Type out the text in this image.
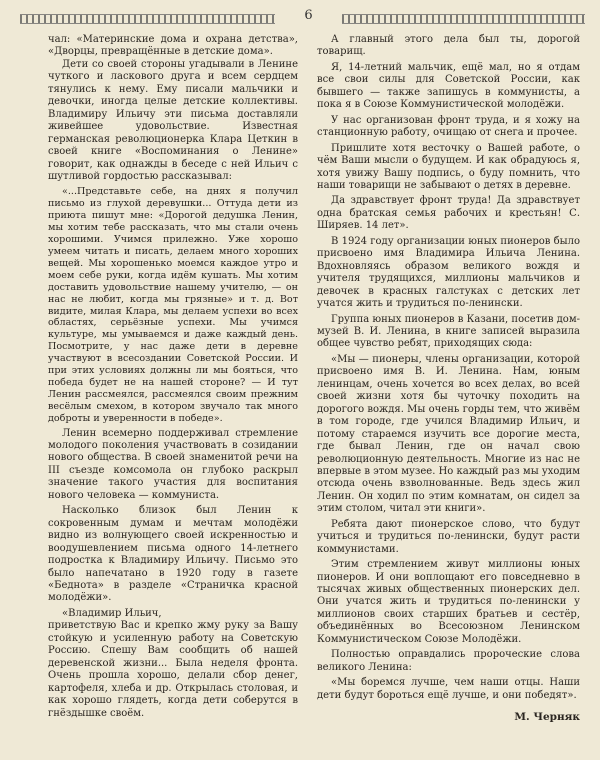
6

чал: «Материнские дома и охрана детства», «Дворцы, превращённые в детские дома».

Дети со своей стороны угадывали в Ленине чуткого и ласкового друга и всем сердцем тянулись к нему. Ему писали мальчики и девочки, иногда целые детские коллективы. Владимиру Ильичу эти письма доставляли живейшее удовольствие. Известная германская революционерка Клара Цеткин в своей книге «Воспоминания о Ленине» говорит, как однажды в беседе с ней Ильич с шутливой гордостью рассказывал:

«...Представьте себе, на днях я получил письмо из глухой деревушки... Оттуда дети из приюта пишут мне: «Дорогой дедушка Ленин, мы хотим тебе рассказать, что мы стали очень хорошими. Учимся прилежно. Уже хорошо умеем читать и писать, делаем много хороших вещей. Мы хорошенько моемся каждое утро и моем себе руки, когда идём кушать. Мы хотим доставить удовольствие нашему учителю, — он нас не любит, когда мы грязные» и т. д. Вот видите, милая Клара, мы делаем успехи во всех областях, серьёзные успехи. Мы учимся культуре, мы умываемся и даже каждый день. Посмотрите, у нас даже дети в деревне участвуют в всесоздании Советской России. И при этих условиях должны ли мы бояться, что победа будет не на нашей стороне? — И тут Ленин рассмеялся, рассмеялся своим прежним весёлым смехом, в котором звучало так много доброты и уверенности в победе».

Ленин всемерно поддерживал стремление молодого поколения участвовать в созидании нового общества. В своей знаменитой речи на III съезде комсомола он глубоко раскрыл значение такого участия для воспитания нового человека — коммуниста.

Насколько близок был Ленин к сокровенным думам и мечтам молодёжи видно из волнующего своей искренностью и воодушевлением письма одного 14-летнего подростка к Владимиру Ильичу. Письмо это было напечатано в 1920 году в газете «Беднота» в разделе «Страничка красной молодёжи».

«Владимир Ильич,

приветствую Вас и крепко жму руку за Вашу стойкую и усиленную работу на Советскую Россию. Спешу Вам сообщить об нашей деревенской жизни... Была неделя фронта. Очень прошла хорошо, делали сбор денег, картофеля, хлеба и др. Открылась столовая, и как хорошо глядеть, когда дети соберутся в гнёздышке своём.

А главный этого дела был ты, дорогой товарищ.

Я, 14-летний мальчик, ещё мал, но я отдам все свои силы для Советской России, как бывшего — также запишусь в коммунисты, а пока я в Союзе Коммунистической молодёжи.

У нас организован фронт труда, и я хожу на станционную работу, очищаю от снега и прочее.

Пришлите хотя весточку о Вашей работе, о чём Ваши мысли о будущем. И как обрадуюсь я, хотя увижу Вашу подпись, о буду помнить, что наши товарищи не забывают о детях в деревне.

Да здравствует фронт труда! Да здравствует одна братская семья рабочих и крестьян! С. Ширяев. 14 лет».

В 1924 году организации юных пионеров было присвоено имя Владимира Ильича Ленина. Вдохновляясь образом великого вождя и учителя трудящихся, миллионы мальчиков и девочек в красных галстуках с детских лет учатся жить и трудиться по-ленински.

Группа юных пионеров в Казани, посетив дом-музей В. И. Ленина, в книге записей выразила общее чувство ребят, приходящих сюда:

«Мы — пионеры, члены организации, которой присвоено имя В. И. Ленина. Нам, юным ленинцам, очень хочется во всех делах, во всей своей жизни хотя бы чуточку походить на дорогого вождя. Мы очень горды тем, что живём в том городе, где учился Владимир Ильич, и потому стараемся изучить все дорогие места, где бывал Ленин, где он начал свою революционную деятельность. Многие из нас не впервые в этом музее. Но каждый раз мы уходим отсюда очень взволнованные. Ведь здесь жил Ленин. Он ходил по этим комнатам, он сидел за этим столом, читал эти книги».

Ребята дают пионерское слово, что будут учиться и трудиться по-ленински, будут расти коммунистами.

Этим стремлением живут миллионы юных пионеров. И они воплощают его повседневно в тысячах живых общественных пионерских дел. Они учатся жить и трудиться по-ленински у миллионов своих старших братьев и сестёр, объединённых во Всесоюзном Ленинском Коммунистическом Союзе Молодёжи.

Полностью оправдались пророческие слова великого Ленина:

«Мы боремся лучше, чем наши отцы. Наши дети будут бороться ещё лучше, и они победят».

М. Черняк
